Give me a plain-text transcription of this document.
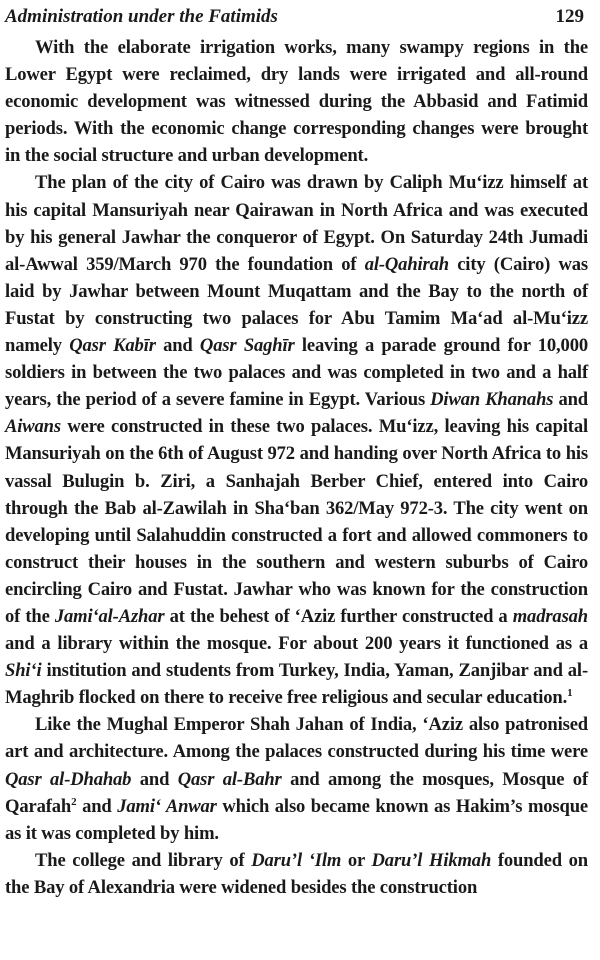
Administration under the Fatimids	129

With the elaborate irrigation works, many swampy regions in the Lower Egypt were reclaimed, dry lands were irrigated and all-round economic development was witnessed during the Abbasid and Fatimid periods. With the economic change corresponding changes were brought in the social structure and urban development.

The plan of the city of Cairo was drawn by Caliph Mu‘izz himself at his capital Mansuriyah near Qairawan in North Africa and was executed by his general Jawhar the conqueror of Egypt. On Saturday 24th Jumadi al-Awwal 359/March 970 the foundation of al-Qahirah city (Cairo) was laid by Jawhar between Mount Muqattam and the Bay to the north of Fustat by constructing two palaces for Abu Tamim Ma‘ad al-Mu‘izz namely Qasr Kabīr and Qasr Saghīr leaving a parade ground for 10,000 soldiers in between the two palaces and was completed in two and a half years, the period of a severe famine in Egypt. Various Diwan Khanahs and Aiwans were constructed in these two palaces. Mu‘izz, leaving his capital Mansuriyah on the 6th of August 972 and handing over North Africa to his vassal Bulugin b. Ziri, a Sanhajah Berber Chief, entered into Cairo through the Bab al-Zawilah in Sha‘ban 362/May 972-3. The city went on developing until Salahuddin constructed a fort and allowed commoners to construct their houses in the southern and western suburbs of Cairo encircling Cairo and Fustat. Jawhar who was known for the construction of the Jami‘al-Azhar at the behest of ‘Aziz further constructed a madrasah and a library within the mosque. For about 200 years it functioned as a Shi‘i institution and students from Turkey, India, Yaman, Zanjibar and al-Maghrib flocked on there to receive free religious and secular education.$^1$

Like the Mughal Emperor Shah Jahan of India, ‘Aziz also patronised art and architecture. Among the palaces constructed during his time were Qasr al-Dhahab and Qasr al-Bahr and among the mosques, Mosque of Qarafah$^2$ and Jami‘ Anwar which also became known as Hakim’s mosque as it was completed by him.

The college and library of Daru’l ‘Ilm or Daru’l Hikmah founded on the Bay of Alexandria were widened besides the construction
